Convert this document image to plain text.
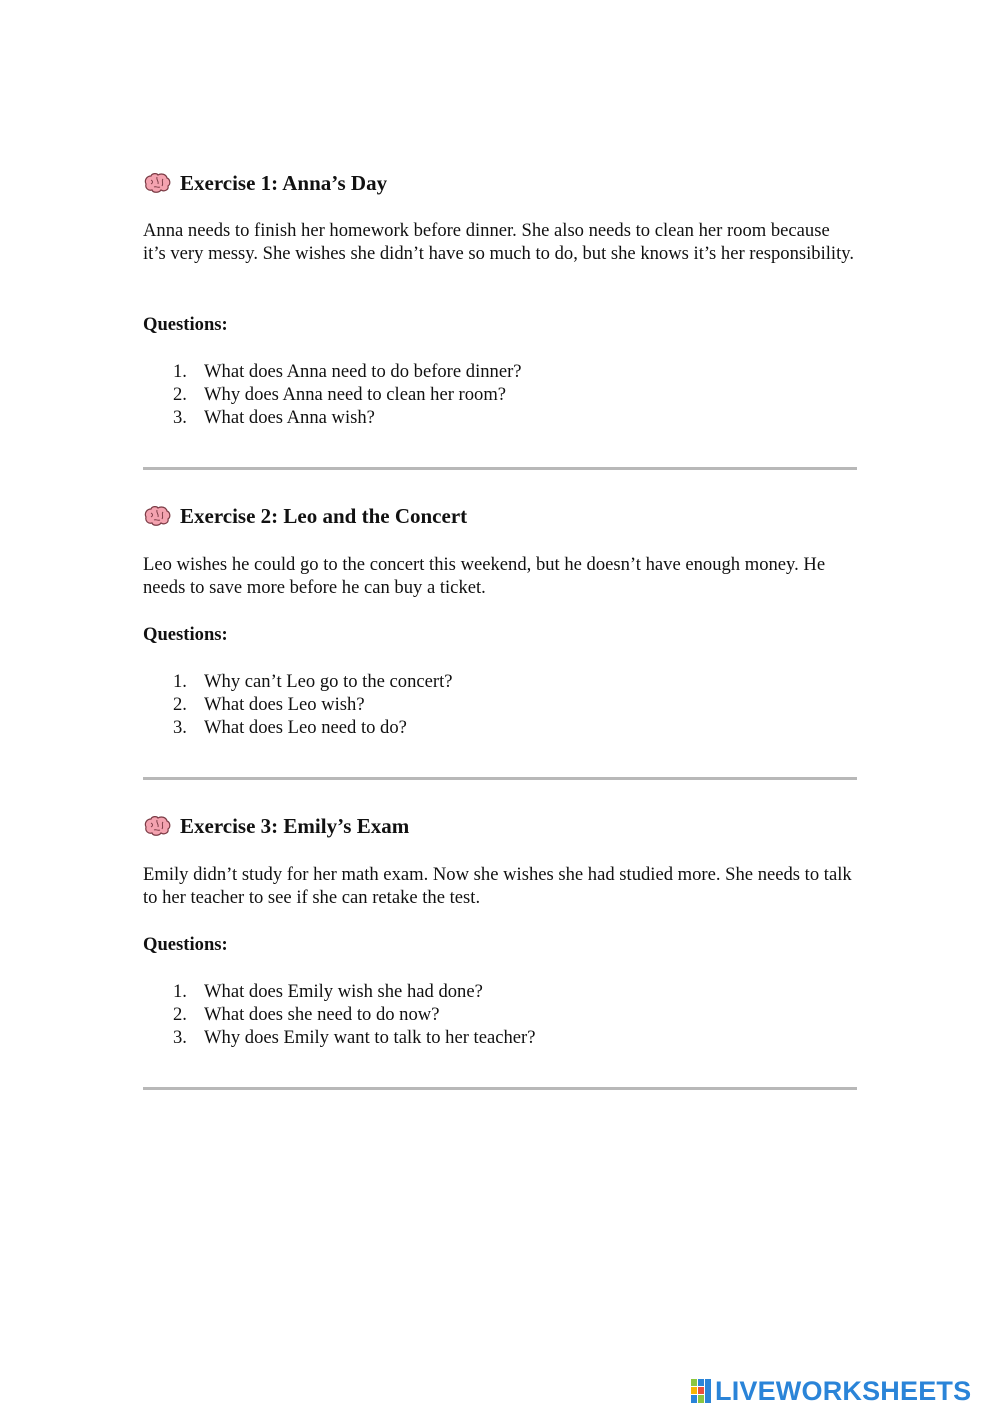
Exercise 1: Anna’s Day

Anna needs to finish her homework before dinner. She also needs to clean her room because it’s very messy. She wishes she didn’t have so much to do, but she knows it’s her responsibility.

Questions:

1. What does Anna need to do before dinner?
2. Why does Anna need to clean her room?
3. What does Anna wish?
Exercise 2: Leo and the Concert

Leo wishes he could go to the concert this weekend, but he doesn’t have enough money. He needs to save more before he can buy a ticket.

Questions:

1. Why can’t Leo go to the concert?
2. What does Leo wish?
3. What does Leo need to do?
Exercise 3: Emily’s Exam

Emily didn’t study for her math exam. Now she wishes she had studied more. She needs to talk to her teacher to see if she can retake the test.

Questions:

1. What does Emily wish she had done?
2. What does she need to do now?
3. Why does Emily want to talk to her teacher?
LIVEWORKSHEETS
